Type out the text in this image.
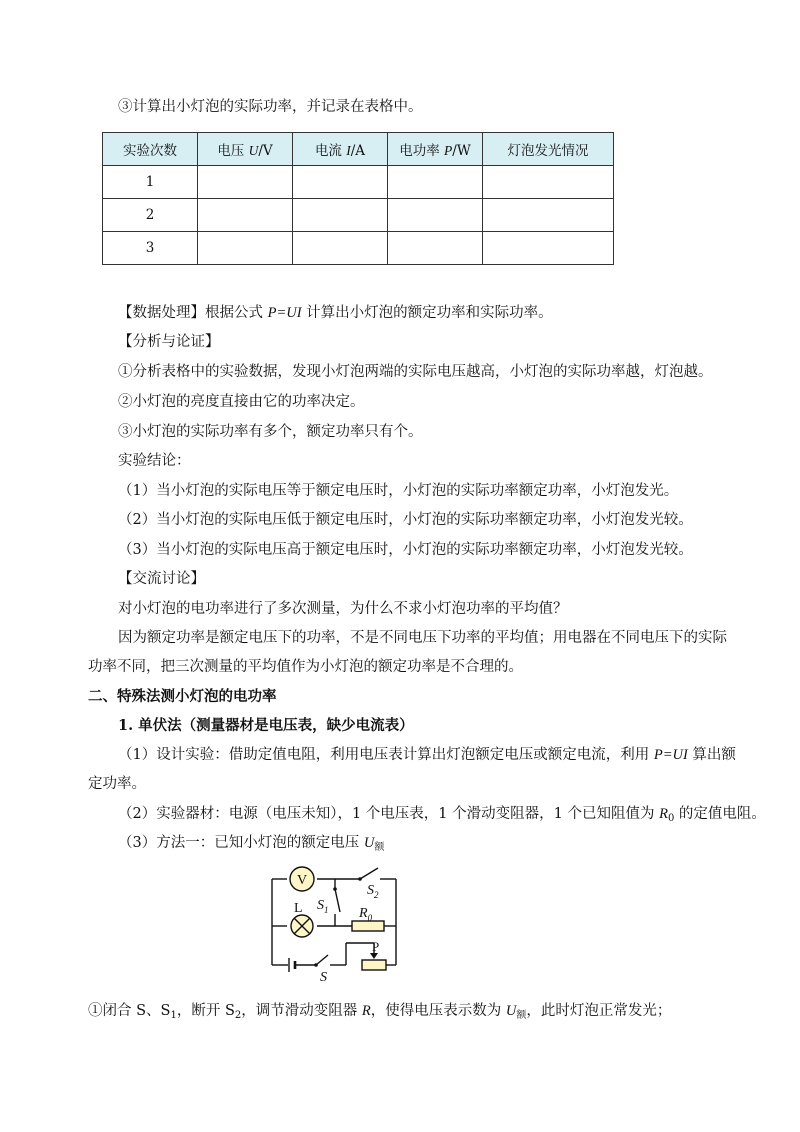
③计算出小灯泡的实际功率，并记录在表格中。
实验次数	电压 U/V	电流 I/A	电功率 P/W	灯泡发光情况
1				
2				
3				
【数据处理】根据公式 P=UI 计算出小灯泡的额定功率和实际功率。
【分析与论证】
①分析表格中的实验数据，发现小灯泡两端的实际电压越高，小灯泡的实际功率越，灯泡越。
②小灯泡的亮度直接由它的功率决定。
③小灯泡的实际功率有多个，额定功率只有个。
实验结论：
（1）当小灯泡的实际电压等于额定电压时，小灯泡的实际功率额定功率，小灯泡发光。
（2）当小灯泡的实际电压低于额定电压时，小灯泡的实际功率额定功率，小灯泡发光较。
（3）当小灯泡的实际电压高于额定电压时，小灯泡的实际功率额定功率，小灯泡发光较。
【交流讨论】
对小灯泡的电功率进行了多次测量，为什么不求小灯泡功率的平均值？
因为额定功率是额定电压下的功率，不是不同电压下功率的平均值；用电器在不同电压下的实际
功率不同，把三次测量的平均值作为小灯泡的额定功率是不合理的。
二、特殊法测小灯泡的电功率
1. 单伏法（测量器材是电压表，缺少电流表）
（1）设计实验：借助定值电阻，利用电压表计算出灯泡额定电压或额定电流，利用 P=UI 算出额
定功率。
（2）实验器材：电源（电压未知），1 个电压表，1 个滑动变阻器，1 个已知阻值为 $R_0$ 的定值电阻。
（3）方法一：已知小灯泡的额定电压 $U_额$
V
$S_2$
$S_1$
L	$R_0$
P
S
①闭合 S、$S_1$，断开 $S_2$，调节滑动变阻器 R，使得电压表示数为 $U_额$，此时灯泡正常发光；
